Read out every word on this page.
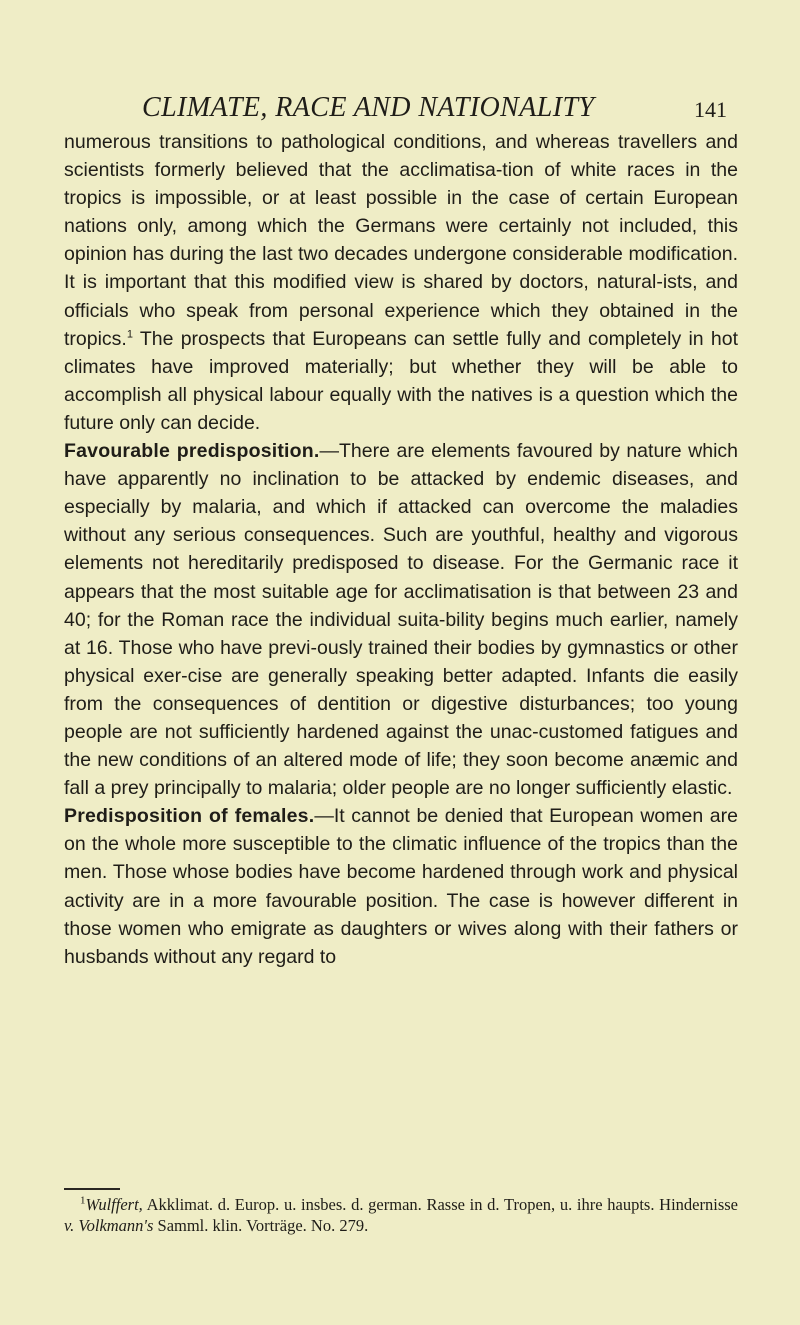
CLIMATE, RACE AND NATIONALITY	141

numerous transitions to pathological conditions, and whereas travellers and scientists formerly believed that the acclimatisa-tion of white races in the tropics is impossible, or at least possible in the case of certain European nations only, among which the Germans were certainly not included, this opinion has during the last two decades undergone considerable modification. It is important that this modified view is shared by doctors, natural-ists, and officials who speak from personal experience which they obtained in the tropics.$^1$ The prospects that Europeans can settle fully and completely in hot climates have improved materially; but whether they will be able to accomplish all physical labour equally with the natives is a question which the future only can decide.

Favourable predisposition.—There are elements favoured by nature which have apparently no inclination to be attacked by endemic diseases, and especially by malaria, and which if attacked can overcome the maladies without any serious consequences. Such are youthful, healthy and vigorous elements not hereditarily predisposed to disease. For the Germanic race it appears that the most suitable age for acclimatisation is that between 23 and 40; for the Roman race the individual suita-bility begins much earlier, namely at 16. Those who have previ-ously trained their bodies by gymnastics or other physical exer-cise are generally speaking better adapted. Infants die easily from the consequences of dentition or digestive disturbances; too young people are not sufficiently hardened against the unac-customed fatigues and the new conditions of an altered mode of life; they soon become anæmic and fall a prey principally to malaria; older people are no longer sufficiently elastic.

Predisposition of females.—It cannot be denied that European women are on the whole more susceptible to the climatic influence of the tropics than the men. Those whose bodies have become hardened through work and physical activity are in a more favourable position. The case is however different in those women who emigrate as daughters or wives along with their fathers or husbands without any regard to

$^1$Wulffert, Akklimat. d. Europ. u. insbes. d. german. Rasse in d. Tropen, u. ihre haupts. Hindernisse v. Volkmann's Samml. klin. Vorträge. No. 279.
